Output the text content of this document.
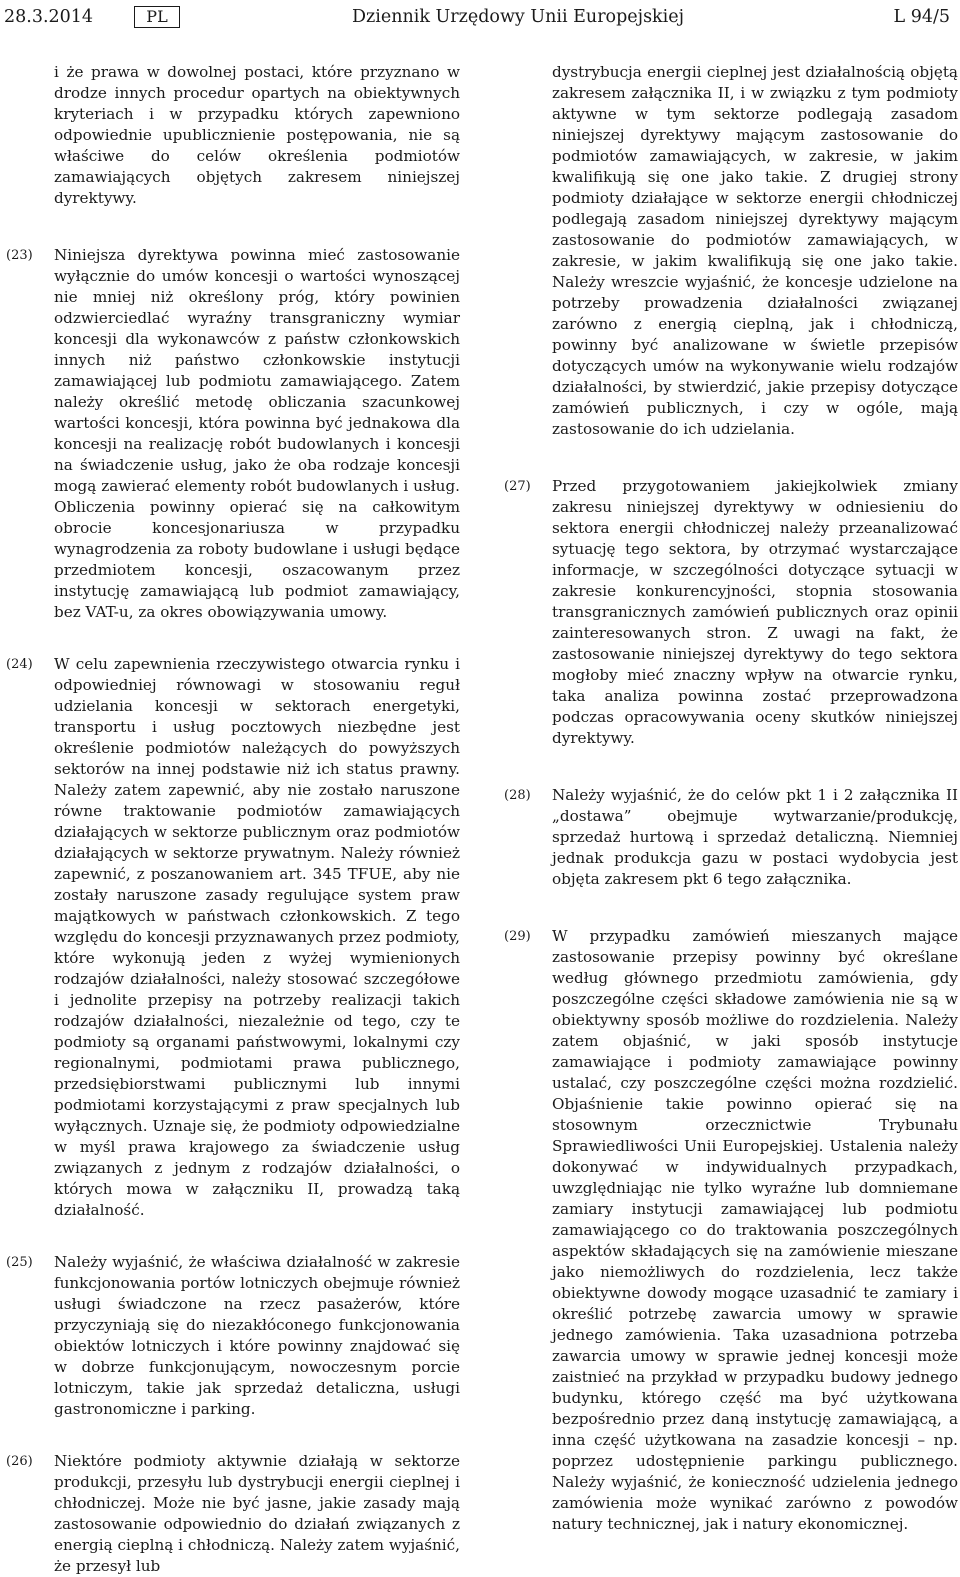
28.3.2014	PL	Dziennik Urzędowy Unii Europejskiej	L 94/5

i że prawa w dowolnej postaci, które przyznano w drodze innych procedur opartych na obiektywnych kryteriach i w przypadku których zapewniono odpowiednie upublicznienie postępowania, nie są właściwe do celów określenia podmiotów zamawiających objętych zakresem niniejszej dyrektywy.

(23)	Niniejsza dyrektywa powinna mieć zastosowanie wyłącznie do umów koncesji o wartości wynoszącej nie mniej niż określony próg, który powinien odzwierciedlać wyraźny transgraniczny wymiar koncesji dla wykonawców z państw członkowskich innych niż państwo członkowskie instytucji zamawiającej lub podmiotu zamawiającego. Zatem należy określić metodę obliczania szacunkowej wartości koncesji, która powinna być jednakowa dla koncesji na realizację robót budowlanych i koncesji na świadczenie usług, jako że oba rodzaje koncesji mogą zawierać elementy robót budowlanych i usług. Obliczenia powinny opierać się na całkowitym obrocie koncesjonariusza w przypadku wynagrodzenia za roboty budowlane i usługi będące przedmiotem koncesji, oszacowanym przez instytucję zamawiającą lub podmiot zamawiający, bez VAT-u, za okres obowiązywania umowy.
(24)	W celu zapewnienia rzeczywistego otwarcia rynku i odpowiedniej równowagi w stosowaniu reguł udzielania koncesji w sektorach energetyki, transportu i usług pocztowych niezbędne jest określenie podmiotów należących do powyższych sektorów na innej podstawie niż ich status prawny. Należy zatem zapewnić, aby nie zostało naruszone równe traktowanie podmiotów zamawiających działających w sektorze publicznym oraz podmiotów działających w sektorze prywatnym. Należy również zapewnić, z poszanowaniem art. 345 TFUE, aby nie zostały naruszone zasady regulujące system praw majątkowych w państwach członkowskich. Z tego względu do koncesji przyznawanych przez podmioty, które wykonują jeden z wyżej wymienionych rodzajów działalności, należy stosować szczegółowe i jednolite przepisy na potrzeby realizacji takich rodzajów działalności, niezależnie od tego, czy te podmioty są organami państwowymi, lokalnymi czy regionalnymi, podmiotami prawa publicznego, przedsiębiorstwami publicznymi lub innymi podmiotami korzystającymi z praw specjalnych lub wyłącznych. Uznaje się, że podmioty odpowiedzialne w myśl prawa krajowego za świadczenie usług związanych z jednym z rodzajów działalności, o których mowa w załączniku II, prowadzą taką działalność.
(25)	Należy wyjaśnić, że właściwa działalność w zakresie funkcjonowania portów lotniczych obejmuje również usługi świadczone na rzecz pasażerów, które przyczyniają się do niezakłóconego funkcjonowania obiektów lotniczych i które powinny znajdować się w dobrze funkcjonującym, nowoczesnym porcie lotniczym, takie jak sprzedaż detaliczna, usługi gastronomiczne i parking.
(26)	Niektóre podmioty aktywnie działają w sektorze produkcji, przesyłu lub dystrybucji energii cieplnej i chłodniczej. Może nie być jasne, jakie zasady mają zastosowanie odpowiednio do działań związanych z energią cieplną i chłodniczą. Należy zatem wyjaśnić, że przesył lub

dystrybucja energii cieplnej jest działalnością objętą zakresem załącznika II, i w związku z tym podmioty aktywne w tym sektorze podlegają zasadom niniejszej dyrektywy mającym zastosowanie do podmiotów zamawiających, w zakresie, w jakim kwalifikują się one jako takie. Z drugiej strony podmioty działające w sektorze energii chłodniczej podlegają zasadom niniejszej dyrektywy mającym zastosowanie do podmiotów zamawiających, w zakresie, w jakim kwalifikują się one jako takie. Należy wreszcie wyjaśnić, że koncesje udzielone na potrzeby prowadzenia działalności związanej zarówno z energią cieplną, jak i chłodniczą, powinny być analizowane w świetle przepisów dotyczących umów na wykonywanie wielu rodzajów działalności, by stwierdzić, jakie przepisy dotyczące zamówień publicznych, i czy w ogóle, mają zastosowanie do ich udzielania.

(27)	Przed przygotowaniem jakiejkolwiek zmiany zakresu niniejszej dyrektywy w odniesieniu do sektora energii chłodniczej należy przeanalizować sytuację tego sektora, by otrzymać wystarczające informacje, w szczególności dotyczące sytuacji w zakresie konkurencyjności, stopnia stosowania transgranicznych zamówień publicznych oraz opinii zainteresowanych stron. Z uwagi na fakt, że zastosowanie niniejszej dyrektywy do tego sektora mogłoby mieć znaczny wpływ na otwarcie rynku, taka analiza powinna zostać przeprowadzona podczas opracowywania oceny skutków niniejszej dyrektywy.
(28)	Należy wyjaśnić, że do celów pkt 1 i 2 załącznika II „dostawa” obejmuje wytwarzanie/produkcję, sprzedaż hurtową i sprzedaż detaliczną. Niemniej jednak produkcja gazu w postaci wydobycia jest objęta zakresem pkt 6 tego załącznika.
(29)	W przypadku zamówień mieszanych mające zastosowanie przepisy powinny być określane według głównego przedmiotu zamówienia, gdy poszczególne części składowe zamówienia nie są w obiektywny sposób możliwe do rozdzielenia. Należy zatem objaśnić, w jaki sposób instytucje zamawiające i podmioty zamawiające powinny ustalać, czy poszczególne części można rozdzielić. Objaśnienie takie powinno opierać się na stosownym orzecznictwie Trybunału Sprawiedliwości Unii Europejskiej. Ustalenia należy dokonywać w indywidualnych przypadkach, uwzględniając nie tylko wyraźne lub domniemane zamiary instytucji zamawiającej lub podmiotu zamawiającego co do traktowania poszczególnych aspektów składających się na zamówienie mieszane jako niemożliwych do rozdzielenia, lecz także obiektywne dowody mogące uzasadnić te zamiary i określić potrzebę zawarcia umowy w sprawie jednego zamówienia. Taka uzasadniona potrzeba zawarcia umowy w sprawie jednej koncesji może zaistnieć na przykład w przypadku budowy jednego budynku, którego część ma być użytkowana bezpośrednio przez daną instytucję zamawiającą, a inna część użytkowana na zasadzie koncesji – np. poprzez udostępnienie parkingu publicznego. Należy wyjaśnić, że konieczność udzielenia jednego zamówienia może wynikać zarówno z powodów natury technicznej, jak i natury ekonomicznej.
